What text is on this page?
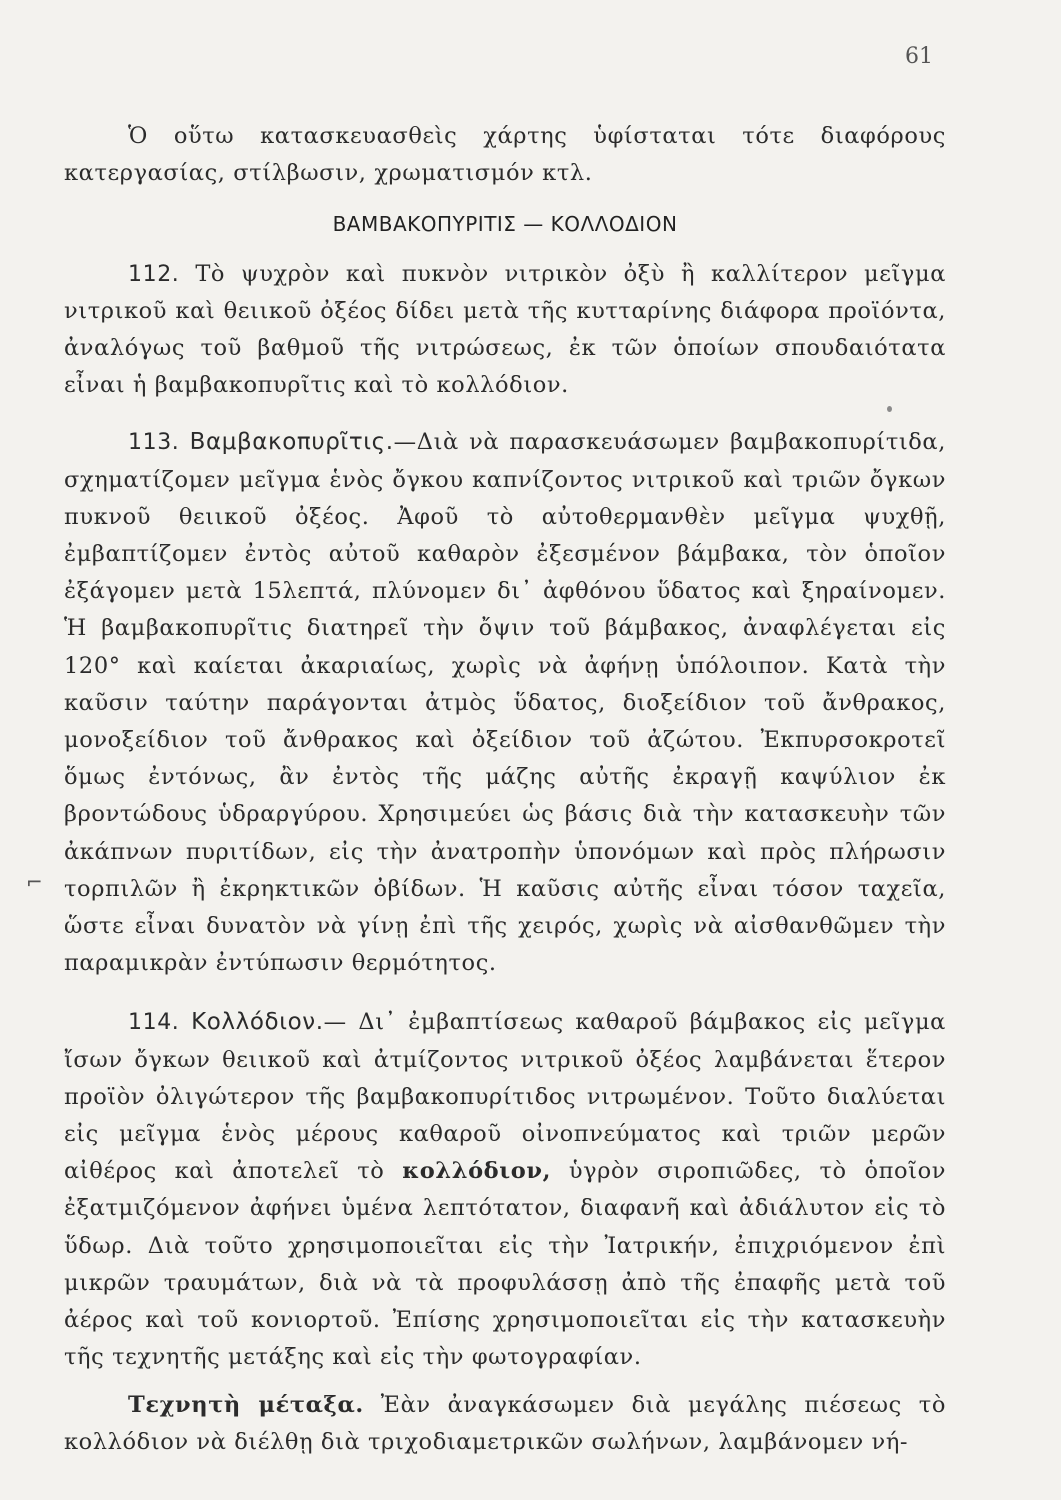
61

Ὁ οὕτω κατασκευασθεὶς χάρτης ὑφίσταται τότε διαφόρους κατεργασίας, στίλβωσιν, χρωματισμόν κτλ.

ΒΑΜΒΑΚΟΠΥΡΙΤΙΣ — ΚΟΛΛΟΔΙΟΝ

112. Τὸ ψυχρὸν καὶ πυκνὸν νιτρικὸν ὀξὺ ἢ καλλίτερον μεῖγμα νιτρικοῦ καὶ θειικοῦ ὀξέος δίδει μετὰ τῆς κυτταρίνης διάφορα προϊόντα, ἀναλόγως τοῦ βαθμοῦ τῆς νιτρώσεως, ἐκ τῶν ὁποίων σπουδαιότατα εἶναι ἡ βαμβακοπυρῖτις καὶ τὸ κολλόδιον.

113. Βαμβακοπυρῖτις.—Διὰ νὰ παρασκευάσωμεν βαμβακοπυρίτιδα, σχηματίζομεν μεῖγμα ἑνὸς ὄγκου καπνίζοντος νιτρικοῦ καὶ τριῶν ὄγκων πυκνοῦ θειικοῦ ὀξέος. Ἀφοῦ τὸ αὐτοθερμανθὲν μεῖγμα ψυχθῇ, ἐμβαπτίζομεν ἐντὸς αὐτοῦ καθαρὸν ἐξεσμένον βάμβακα, τὸν ὁποῖον ἐξάγομεν μετὰ 15λεπτά, πλύνομεν δι᾽ ἀφθόνου ὕδατος καὶ ξηραίνομεν. Ἡ βαμβακοπυρῖτις διατηρεῖ τὴν ὄψιν τοῦ βάμβακος, ἀναφλέγεται εἰς 120° καὶ καίεται ἀκαριαίως, χωρὶς νὰ ἀφήνῃ ὑπόλοιπον. Κατὰ τὴν καῦσιν ταύτην παράγονται ἀτμὸς ὕδατος, διοξείδιον τοῦ ἄνθρακος, μονοξείδιον τοῦ ἄνθρακος καὶ ὀξείδιον τοῦ ἀζώτου. Ἐκπυρσοκροτεῖ ὅμως ἐντόνως, ἂν ἐντὸς τῆς μάζης αὐτῆς ἐκραγῇ καψύλιον ἐκ βροντώδους ὑδραργύρου. Χρησιμεύει ὡς βάσις διὰ τὴν κατασκευὴν τῶν ἀκάπνων πυριτίδων, εἰς τὴν ἀνατροπὴν ὑπονόμων καὶ πρὸς πλήρωσιν τορπιλῶν ἢ ἐκρηκτικῶν ὀβίδων. Ἡ καῦσις αὐτῆς εἶναι τόσον ταχεῖα, ὥστε εἶναι δυνατὸν νὰ γίνῃ ἐπὶ τῆς χειρός, χωρὶς νὰ αἰσθανθῶμεν τὴν παραμικρὰν ἐντύπωσιν θερμότητος.

114. Κολλόδιον.— Δι᾽ ἐμβαπτίσεως καθαροῦ βάμβακος εἰς μεῖγμα ἴσων ὄγκων θειικοῦ καὶ ἀτμίζοντος νιτρικοῦ ὀξέος λαμβάνεται ἕτερον προϊὸν ὀλιγώτερον τῆς βαμβακοπυρίτιδος νιτρωμένον. Τοῦτο διαλύεται εἰς μεῖγμα ἑνὸς μέρους καθαροῦ οἰνοπνεύματος καὶ τριῶν μερῶν αἰθέρος καὶ ἀποτελεῖ τὸ κολλόδιον, ὑγρὸν σιροπιῶδες, τὸ ὁποῖον ἐξατμιζόμενον ἀφήνει ὑμένα λεπτότατον, διαφανῆ καὶ ἀδιάλυτον εἰς τὸ ὕδωρ. Διὰ τοῦτο χρησιμοποιεῖται εἰς τὴν Ἰατρικήν, ἐπιχριόμενον ἐπὶ μικρῶν τραυμάτων, διὰ νὰ τὰ προφυλάσσῃ ἀπὸ τῆς ἐπαφῆς μετὰ τοῦ ἀέρος καὶ τοῦ κονιορτοῦ. Ἐπίσης χρησιμοποιεῖται εἰς τὴν κατασκευὴν τῆς τεχνητῆς μετάξης καὶ εἰς τὴν φωτογραφίαν.

Τεχνητὴ μέταξα. Ἐὰν ἀναγκάσωμεν διὰ μεγάλης πιέσεως τὸ κολλόδιον νὰ διέλθῃ διὰ τριχοδιαμετρικῶν σωλήνων, λαμβάνομεν νή-

⌐
